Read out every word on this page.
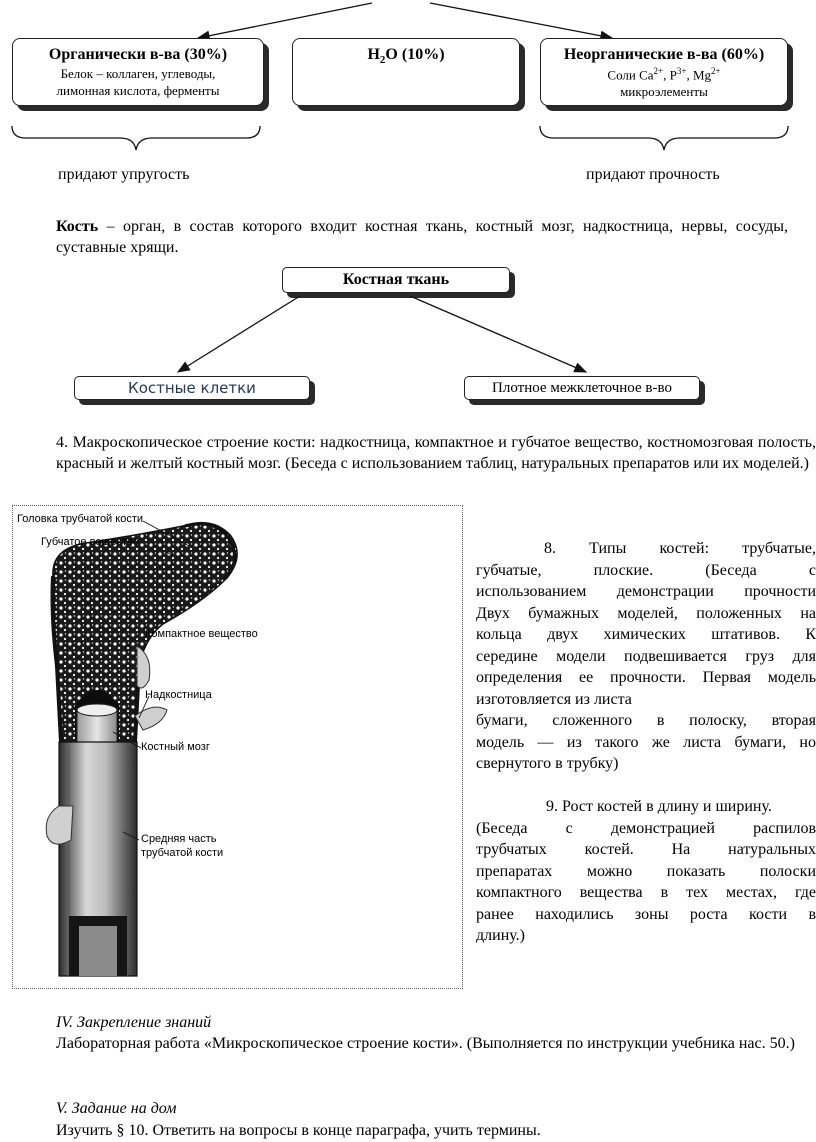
Органически в-ва (30%)
Белок – коллаген, углеводы,
лимонная кислота, ферменты
$H_2O$ (10%)	Неорганические в-ва (60%)
Соли $Ca^{2+}$, $P^{3+}$, $Mg^{2+}$
микроэлементы
придают упругость	придают прочность
Кость – орган, в состав которого входит костная ткань, костный мозг, надкостница, нервы, сосуды, суставные хрящи.
Костная ткань
Костные клетки	Плотное межклеточное в-во
4. Макроскопическое строение кости: надкостница, компактное и губчатое вещество, костномозговая полость, красный и желтый костный мозг. (Беседа с использованием таблиц, натуральных препаратов или их моделей.)
Головка трубчатой кости
Губчатое вещество
Компактное вещество
Надкостница
Костный мозг
Средняя часть
трубчатой кости

8. Типы костей: трубчатые,

губчатые, плоские. (Беседа с

использованием демонстрации прочности

Двух бумажных моделей, положенных на

кольца двух химических штативов. К

середине модели подвешивается груз для

определения ее прочности. Первая модель

изготовляется из листа

бумаги, сложенного в полоску, вторая

модель — из такого же листа бумаги, но

свернутого в трубку)

9. Рост костей в длину и ширину.

(Беседа с демонстрацией распилов

трубчатых костей. На натуральных

препаратах можно показать полоски

компактного вещества в тех местах, где

ранее находились зоны роста кости в

длину.)

IV. Закрепление знаний
Лабораторная работа «Микроскопическое строение кости». (Выполняется по инструкции учебника нас. 50.)
V. Задание на дом
Изучить § 10. Ответить на вопросы в конце параграфа, учить термины.
